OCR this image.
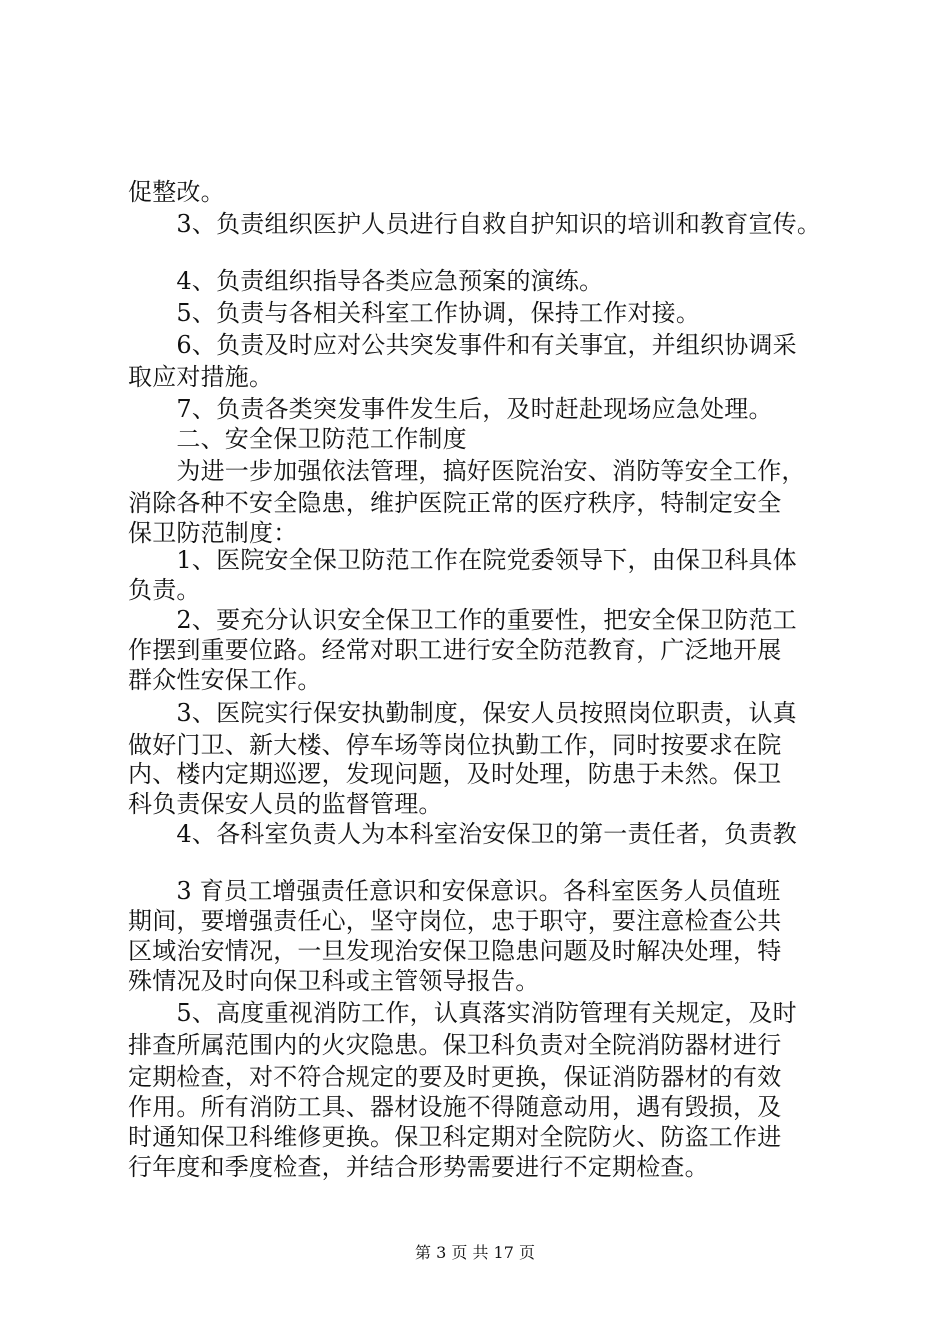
促整改。
　　3、负责组织医护人员进行自救自护知识的培训和教育宣传。
　　4、负责组织指导各类应急预案的演练。
　　5、负责与各相关科室工作协调，保持工作对接。
　　6、负责及时应对公共突发事件和有关事宜，并组织协调采
取应对措施。
　　7、负责各类突发事件发生后，及时赶赴现场应急处理。
　　二、安全保卫防范工作制度
　　为进一步加强依法管理，搞好医院治安、消防等安全工作，
消除各种不安全隐患，维护医院正常的医疗秩序，特制定安全
保卫防范制度：
　　1、医院安全保卫防范工作在院党委领导下，由保卫科具体
负责。
　　2、要充分认识安全保卫工作的重要性，把安全保卫防范工
作摆到重要位路。经常对职工进行安全防范教育，广泛地开展
群众性安保工作。
　　3、医院实行保安执勤制度，保安人员按照岗位职责，认真
做好门卫、新大楼、停车场等岗位执勤工作，同时按要求在院
内、楼内定期巡逻，发现问题，及时处理，防患于未然。保卫
科负责保安人员的监督管理。
　　4、各科室负责人为本科室治安保卫的第一责任者，负责教
　　3 育员工增强责任意识和安保意识。各科室医务人员值班
期间，要增强责任心，坚守岗位，忠于职守，要注意检查公共
区域治安情况，一旦发现治安保卫隐患问题及时解决处理，特
殊情况及时向保卫科或主管领导报告。
　　5、高度重视消防工作，认真落实消防管理有关规定，及时
排查所属范围内的火灾隐患。保卫科负责对全院消防器材进行
定期检查，对不符合规定的要及时更换，保证消防器材的有效
作用。所有消防工具、器材设施不得随意动用，遇有毁损，及
时通知保卫科维修更换。保卫科定期对全院防火、防盗工作进
行年度和季度检查，并结合形势需要进行不定期检查。
第 3 页 共 17 页
